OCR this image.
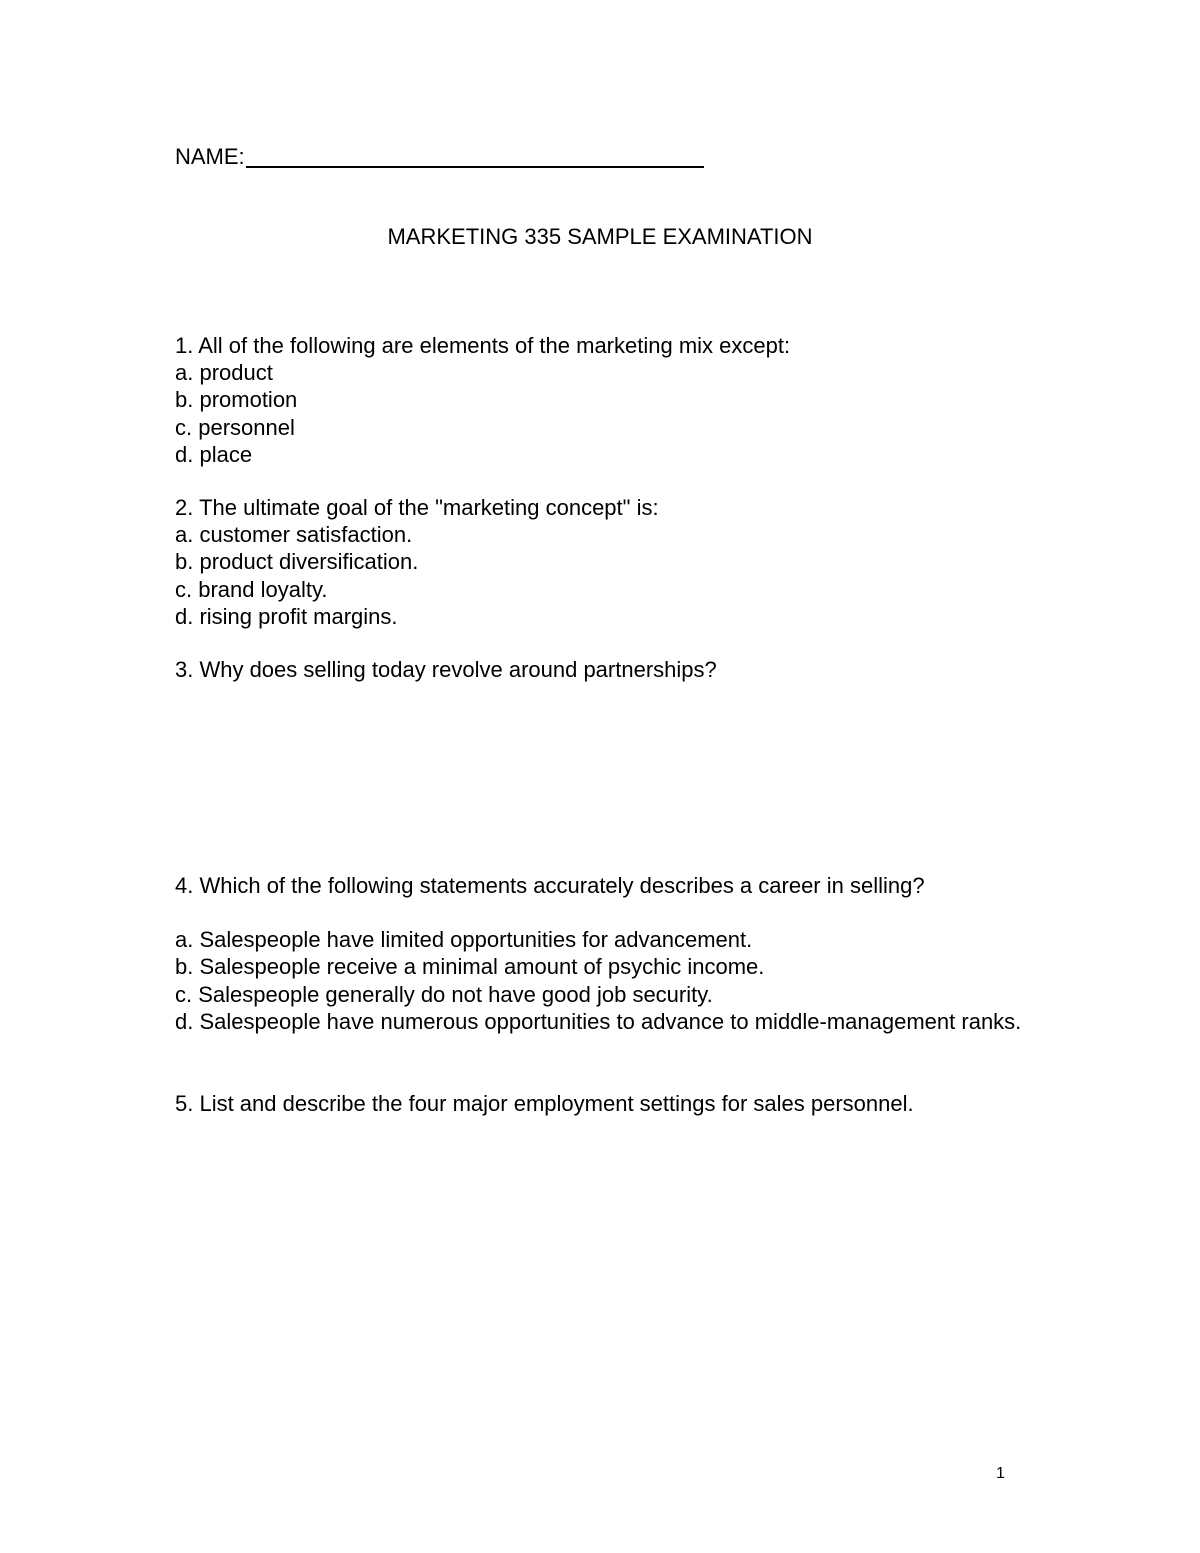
NAME:
MARKETING 335 SAMPLE EXAMINATION
1. All of the following are elements of the marketing mix except:
a. product
b. promotion
c. personnel
d. place
2. The ultimate goal of the "marketing concept" is:
a. customer satisfaction.
b. product diversification.
c. brand loyalty.
d. rising profit margins.
3. Why does selling today revolve around partnerships?
4. Which of the following statements accurately describes a career in selling?
a. Salespeople have limited opportunities for advancement.
b. Salespeople receive a minimal amount of psychic income.
c. Salespeople generally do not have good job security.
d. Salespeople have numerous opportunities to advance to middle-management ranks.
5. List and describe the four major employment settings for sales personnel.
1
